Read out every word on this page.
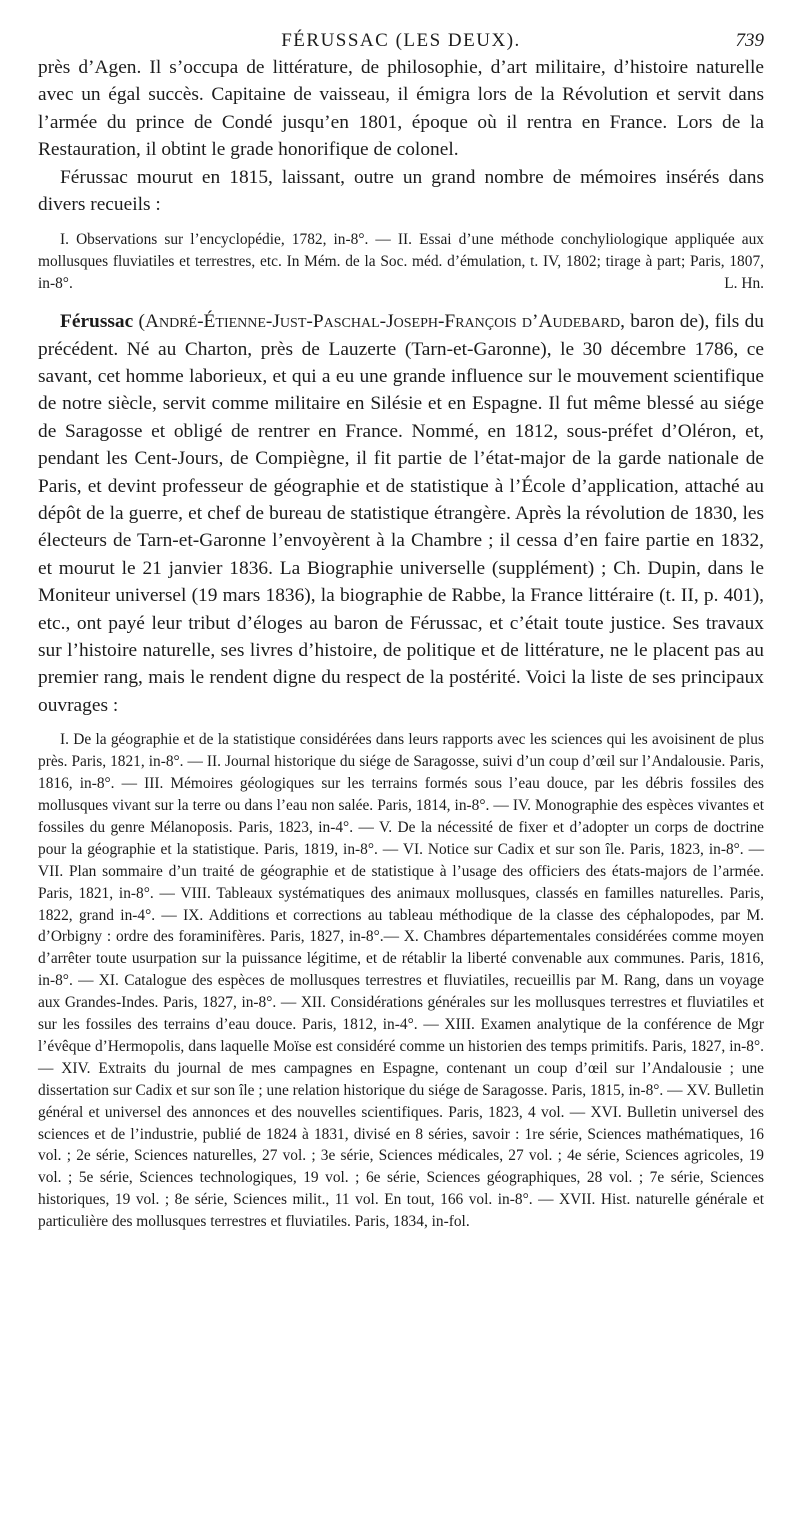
FÉRUSSAC (LES DEUX).	739

près d’Agen. Il s’occupa de littérature, de philosophie, d’art militaire, d’histoire naturelle avec un égal succès. Capitaine de vaisseau, il émigra lors de la Révolution et servit dans l’armée du prince de Condé jusqu’en 1801, époque où il rentra en France. Lors de la Restauration, il obtint le grade honorifique de colonel.

Férussac mourut en 1815, laissant, outre un grand nombre de mémoires insérés dans divers recueils :

I. Observations sur l’encyclopédie, 1782, in-8°. — II. Essai d’une méthode conchyliologique appliquée aux mollusques fluviatiles et terrestres, etc. In Mém. de la Soc. méd. d’émulation, t. IV, 1802; tirage à part; Paris, 1807, in-8°.	L. Hn.

Férussac (André-Étienne-Just-Paschal-Joseph-François d’Audebard, baron de), fils du précédent. Né au Charton, près de Lauzerte (Tarn-et-Garonne), le 30 décembre 1786, ce savant, cet homme laborieux, et qui a eu une grande influence sur le mouvement scientifique de notre siècle, servit comme militaire en Silésie et en Espagne. Il fut même blessé au siége de Saragosse et obligé de rentrer en France. Nommé, en 1812, sous-préfet d’Oléron, et, pendant les Cent-Jours, de Compiègne, il fit partie de l’état-major de la garde nationale de Paris, et devint professeur de géographie et de statistique à l’École d’application, attaché au dépôt de la guerre, et chef de bureau de statistique étrangère. Après la révolution de 1830, les électeurs de Tarn-et-Garonne l’envoyèrent à la Chambre ; il cessa d’en faire partie en 1832, et mourut le 21 janvier 1836. La Biographie universelle (supplément) ; Ch. Dupin, dans le Moniteur universel (19 mars 1836), la biographie de Rabbe, la France littéraire (t. II, p. 401), etc., ont payé leur tribut d’éloges au baron de Férussac, et c’était toute justice. Ses travaux sur l’histoire naturelle, ses livres d’histoire, de politique et de littérature, ne le placent pas au premier rang, mais le rendent digne du respect de la postérité. Voici la liste de ses principaux ouvrages :

I. De la géographie et de la statistique considérées dans leurs rapports avec les sciences qui les avoisinent de plus près. Paris, 1821, in-8°. — II. Journal historique du siége de Saragosse, suivi d’un coup d’œil sur l’Andalousie. Paris, 1816, in-8°. — III. Mémoires géologiques sur les terrains formés sous l’eau douce, par les débris fossiles des mollusques vivant sur la terre ou dans l’eau non salée. Paris, 1814, in-8°. — IV. Monographie des espèces vivantes et fossiles du genre Mélanoposis. Paris, 1823, in-4°. — V. De la nécessité de fixer et d’adopter un corps de doctrine pour la géographie et la statistique. Paris, 1819, in-8°. — VI. Notice sur Cadix et sur son île. Paris, 1823, in-8°. — VII. Plan sommaire d’un traité de géographie et de statistique à l’usage des officiers des états-majors de l’armée. Paris, 1821, in-8°. — VIII. Tableaux systématiques des animaux mollusques, classés en familles naturelles. Paris, 1822, grand in-4°. — IX. Additions et corrections au tableau méthodique de la classe des céphalopodes, par M. d’Orbigny : ordre des foraminifères. Paris, 1827, in-8°.— X. Chambres départementales considérées comme moyen d’arrêter toute usurpation sur la puissance légitime, et de rétablir la liberté convenable aux communes. Paris, 1816, in-8°. — XI. Catalogue des espèces de mollusques terrestres et fluviatiles, recueillis par M. Rang, dans un voyage aux Grandes-Indes. Paris, 1827, in-8°. — XII. Considérations générales sur les mollusques terrestres et fluviatiles et sur les fossiles des terrains d’eau douce. Paris, 1812, in-4°. — XIII. Examen analytique de la conférence de Mgr l’évêque d’Hermopolis, dans laquelle Moïse est considéré comme un historien des temps primitifs. Paris, 1827, in-8°. — XIV. Extraits du journal de mes campagnes en Espagne, contenant un coup d’œil sur l’Andalousie ; une dissertation sur Cadix et sur son île ; une relation historique du siége de Saragosse. Paris, 1815, in-8°. — XV. Bulletin général et universel des annonces et des nouvelles scientifiques. Paris, 1823, 4 vol. — XVI. Bulletin universel des sciences et de l’industrie, publié de 1824 à 1831, divisé en 8 séries, savoir : 1re série, Sciences mathématiques, 16 vol. ; 2e série, Sciences naturelles, 27 vol. ; 3e série, Sciences médicales, 27 vol. ; 4e série, Sciences agricoles, 19 vol. ; 5e série, Sciences technologiques, 19 vol. ; 6e série, Sciences géographiques, 28 vol. ; 7e série, Sciences historiques, 19 vol. ; 8e série, Sciences milit., 11 vol. En tout, 166 vol. in-8°. — XVII. Hist. naturelle générale et particulière des mollusques terrestres et fluviatiles. Paris, 1834, in-fol.
